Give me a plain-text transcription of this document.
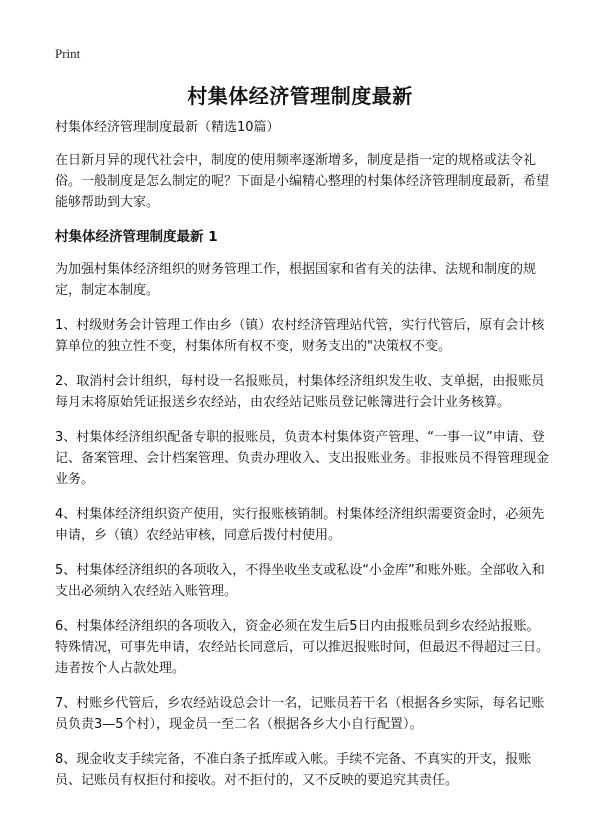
Print
村集体经济管理制度最新

村集体经济管理制度最新（精选10篇）

在日新月异的现代社会中，制度的使用频率逐渐增多，制度是指一定的规格或法令礼俗。一般制度是怎么制定的呢？下面是小编精心整理的村集体经济管理制度最新，希望能够帮助到大家。

村集体经济管理制度最新 1

为加强村集体经济组织的财务管理工作，根据国家和省有关的法律、法规和制度的规定，制定本制度。

1、村级财务会计管理工作由乡（镇）农村经济管理站代管，实行代管后，原有会计核算单位的独立性不变，村集体所有权不变，财务支出的"决策权不变。

2、取消村会计组织，每村设一名报账员，村集体经济组织发生收、支单据，由报账员每月末将原始凭证报送乡农经站，由农经站记账员登记帐簿进行会计业务核算。

3、村集体经济组织配备专职的报账员，负责本村集体资产管理、“一事一议”申请、登记、备案管理、会计档案管理、负责办理收入、支出报账业务。非报账员不得管理现金业务。

4、村集体经济组织资产使用，实行报账核销制。村集体经济组织需要资金时，必须先申请，乡（镇）农经站审核，同意后拨付村使用。

5、村集体经济组织的各项收入，不得坐收坐支或私设“小金库”和账外账。全部收入和支出必须纳入农经站入账管理。

6、村集体经济组织的各项收入，资金必须在发生后5日内由报账员到乡农经站报账。特殊情况，可事先申请，农经站长同意后，可以推迟报账时间，但最迟不得超过三日。违者按个人占款处理。

7、村账乡代管后，乡农经站设总会计一名，记账员若干名（根据各乡实际，每名记账员负责3—5个村），现金员一至二名（根据各乡大小自行配置）。

8、现金收支手续完备，不准白条子抵库或入帐。手续不完备、不真实的开支，报账员、记账员有权拒付和接收。对不拒付的，又不反映的要追究其责任。
